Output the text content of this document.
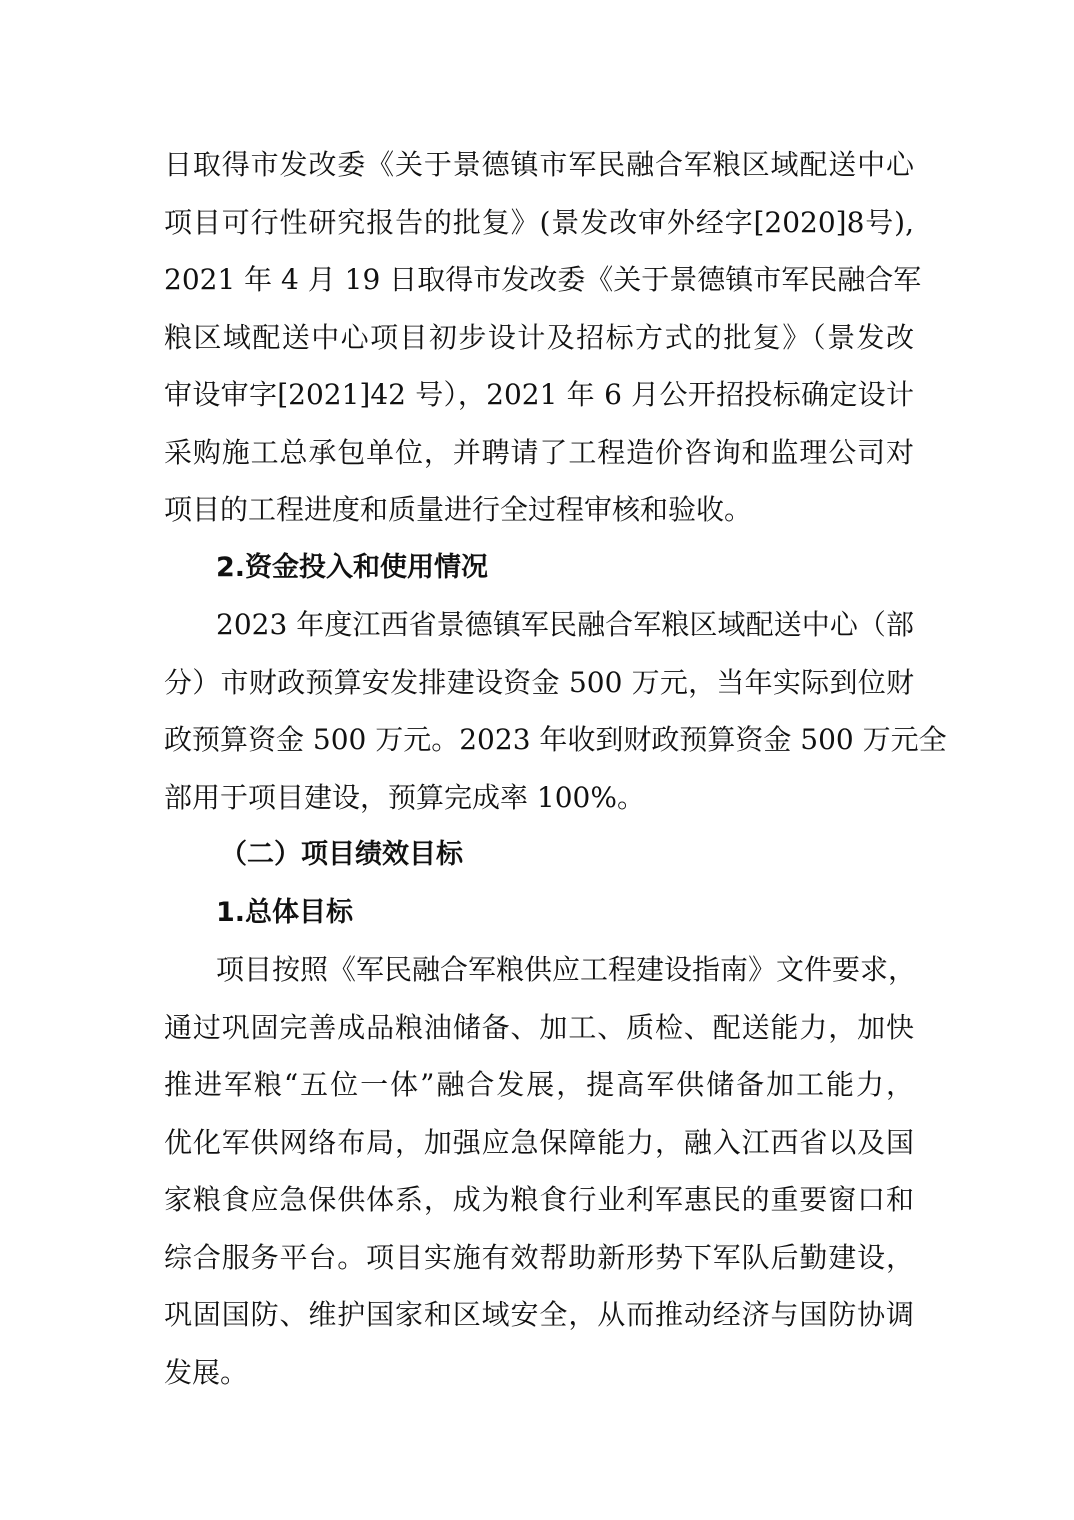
日取得市发改委《关于景德镇市军民融合军粮区域配送中心
项目可行性研究报告的批复》(景发改审外经字[2020]8号),
2021 年 4 月 19 日取得市发改委《关于景德镇市军民融合军
粮区域配送中心项目初步设计及招标方式的批复》（景发改
审设审字[2021]42 号），2021 年 6 月公开招投标确定设计
采购施工总承包单位，并聘请了工程造价咨询和监理公司对
项目的工程进度和质量进行全过程审核和验收。
2.资金投入和使用情况
2023 年度江西省景德镇军民融合军粮区域配送中心（部
分）市财政预算安发排建设资金 500 万元，当年实际到位财
政预算资金 500 万元。2023 年收到财政预算资金 500 万元全
部用于项目建设，预算完成率 100%。
（二）项目绩效目标
1.总体目标
项目按照《军民融合军粮供应工程建设指南》文件要求，
通过巩固完善成品粮油储备、加工、质检、配送能力，加快
推进军粮“五位一体”融合发展，提高军供储备加工能力，
优化军供网络布局，加强应急保障能力，融入江西省以及国
家粮食应急保供体系，成为粮食行业利军惠民的重要窗口和
综合服务平台。项目实施有效帮助新形势下军队后勤建设，
巩固国防、维护国家和区域安全，从而推动经济与国防协调
发展。
